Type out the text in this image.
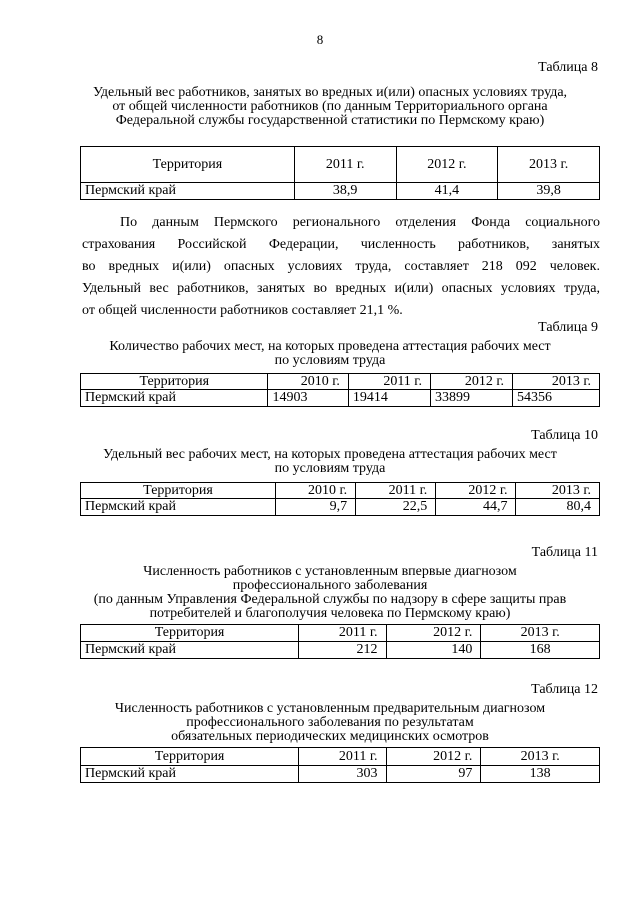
8
Таблица 8
Удельный вес работников, занятых во вредных и(или) опасных условиях труда,
от общей численности работников (по данным Территориального органа
Федеральной службы государственной статистики по Пермскому краю)
Территория	2011 г.	2012 г.	2013 г.
Пермский край	38,9	41,4	39,8
По данным Пермского регионального отделения Фонда социального
страхования Российской Федерации, численность работников, занятых
во вредных и(или) опасных условиях труда, составляет 218 092 человек.
Удельный вес работников, занятых во вредных и(или) опасных условиях труда,
от общей численности работников составляет 21,1 %.
Таблица 9
Количество рабочих мест, на которых проведена аттестация рабочих мест
по условиям труда
Территория	2010 г.	2011 г.	2012 г.	2013 г.
Пермский край	14903	19414	33899	54356
Таблица 10
Удельный вес рабочих мест, на которых проведена аттестация рабочих мест
по условиям труда
Территория	2010 г.	2011 г.	2012 г.	2013 г.
Пермский край	9,7	22,5	44,7	80,4
Таблица 11
Численность работников с установленным впервые диагнозом
профессионального заболевания
(по данным Управления Федеральной службы по надзору в сфере защиты прав
потребителей и благополучия человека по Пермскому краю)
Территория	2011 г.	2012 г.	2013 г.
Пермский край	212	140	168
Таблица 12
Численность работников с установленным предварительным диагнозом
профессионального заболевания по результатам
обязательных периодических медицинских осмотров
Территория	2011 г.	2012 г.	2013 г.
Пермский край	303	97	138
